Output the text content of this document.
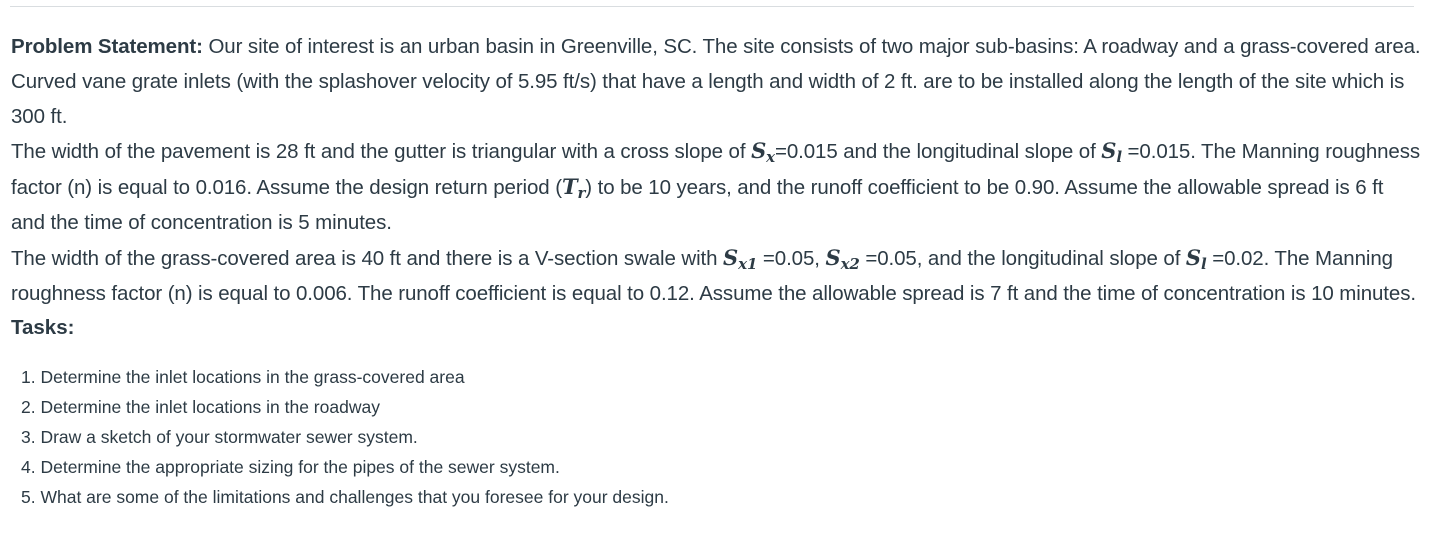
Problem Statement: Our site of interest is an urban basin in Greenville, SC. The site consists of two major sub-basins: A roadway and a grass-covered area. Curved vane grate inlets (with the splashover velocity of 5.95 ft/s) that have a length and width of 2 ft. are to be installed along the length of the site which is 300 ft.

The width of the pavement is 28 ft and the gutter is triangular with a cross slope of $S_x=0.015$ and the longitudinal slope of $S_l =0.015$. The Manning roughness factor (n) is equal to 0.016. Assume the design return period $(T_r)$ to be 10 years, and the runoff coefficient to be 0.90. Assume the allowable spread is 6 ft and the time of concentration is 5 minutes.

The width of the grass-covered area is 40 ft and there is a V-section swale with $S_{x1} =0.05$, $S_{x2} =0.05$, and the longitudinal slope of $S_l =0.02$. The Manning roughness factor (n) is equal to 0.006. The runoff coefficient is equal to 0.12. Assume the allowable spread is 7 ft and the time of concentration is 10 minutes.

Tasks:

1. Determine the inlet locations in the grass-covered area
2. Determine the inlet locations in the roadway
3. Draw a sketch of your stormwater sewer system.
4. Determine the appropriate sizing for the pipes of the sewer system.
5. What are some of the limitations and challenges that you foresee for your design.
